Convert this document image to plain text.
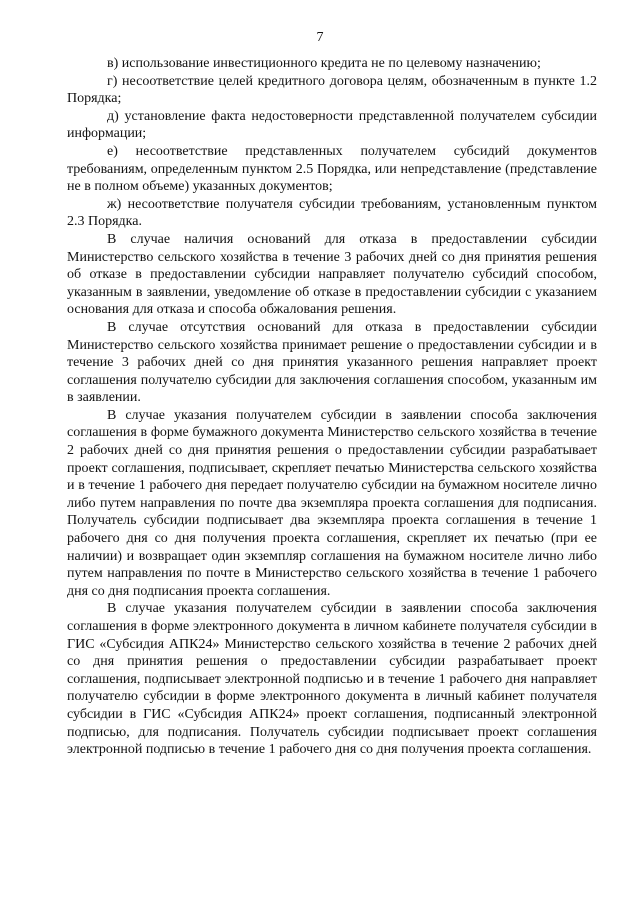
7

в) использование инвестиционного кредита не по целевому назначению;

г) несоответствие целей кредитного договора целям, обозначенным в пункте 1.2 Порядка;

д) установление факта недостоверности представленной получателем субсидии информации;

е) несоответствие представленных получателем субсидий документов требованиям, определенным пунктом 2.5 Порядка, или непредставление (представление не в полном объеме) указанных документов;

ж) несоответствие получателя субсидии требованиям, установленным пунктом 2.3 Порядка.

В случае наличия оснований для отказа в предоставлении субсидии Министерство сельского хозяйства в течение 3 рабочих дней со дня принятия решения об отказе в предоставлении субсидии направляет получателю субсидий способом, указанным в заявлении, уведомление об отказе в предоставлении субсидии с указанием основания для отказа и способа обжалования решения.

В случае отсутствия оснований для отказа в предоставлении субсидии Министерство сельского хозяйства принимает решение о предоставлении субсидии и в течение 3 рабочих дней со дня принятия указанного решения направляет проект соглашения получателю субсидии для заключения соглашения способом, указанным им в заявлении.

В случае указания получателем субсидии в заявлении способа заключения соглашения в форме бумажного документа Министерство сельского хозяйства в течение 2 рабочих дней со дня принятия решения о предоставлении субсидии разрабатывает проект соглашения, подписывает, скрепляет печатью Министерства сельского хозяйства и в течение 1 рабочего дня передает получателю субсидии на бумажном носителе лично либо путем направления по почте два экземпляра проекта соглашения для подписания. Получатель субсидии подписывает два экземпляра проекта соглашения в течение 1 рабочего дня со дня получения проекта соглашения, скрепляет их печатью (при ее наличии) и возвращает один экземпляр соглашения на бумажном носителе лично либо путем направления по почте в Министерство сельского хозяйства в течение 1 рабочего дня со дня подписания проекта соглашения.

В случае указания получателем субсидии в заявлении способа заключения соглашения в форме электронного документа в личном кабинете получателя субсидии в ГИС «Субсидия АПК24» Министерство сельского хозяйства в течение 2 рабочих дней со дня принятия решения о предоставлении субсидии разрабатывает проект соглашения, подписывает электронной подписью и в течение 1 рабочего дня направляет получателю субсидии в форме электронного документа в личный кабинет получателя субсидии в ГИС «Субсидия АПК24» проект соглашения, подписанный электронной подписью, для подписания. Получатель субсидии подписывает проект соглашения электронной подписью в течение 1 рабочего дня со дня получения проекта соглашения.
